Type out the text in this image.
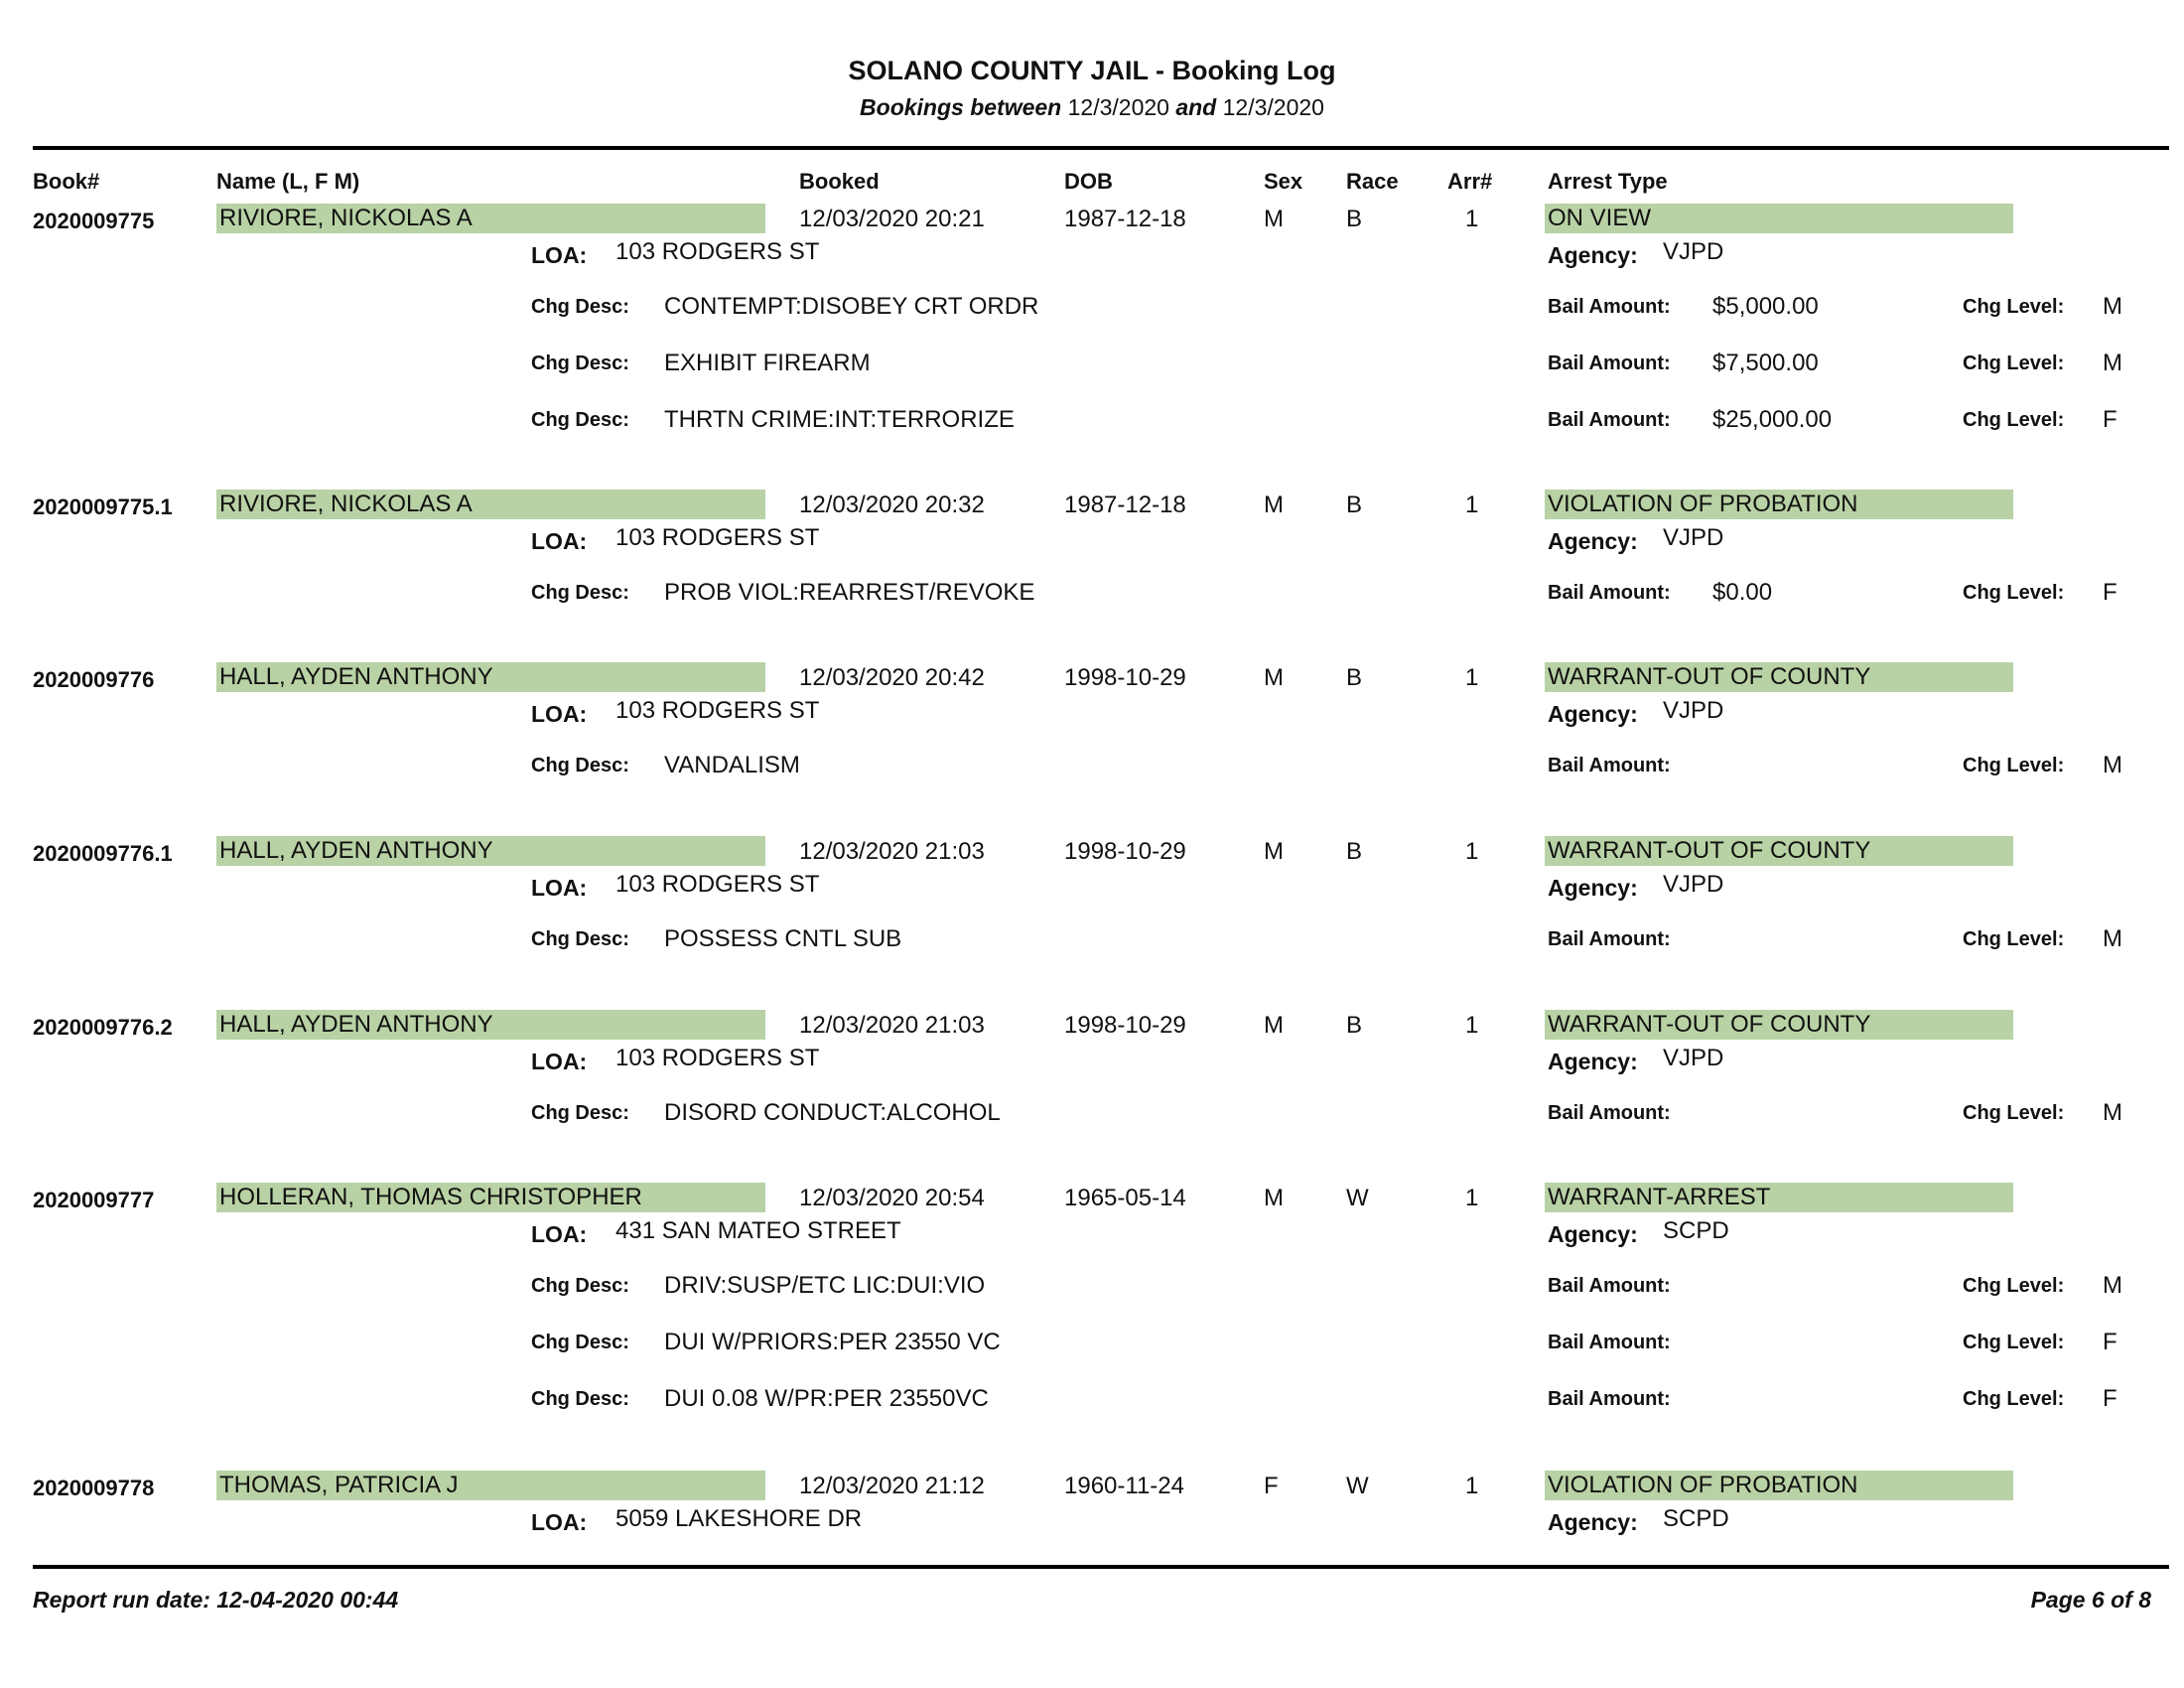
SOLANO COUNTY JAIL - Booking Log
Bookings between 12/3/2020 and 12/3/2020
Book#	Name (L, F M)	Booked	DOB	Sex Race Arr#	Arrest Type
2020009775	RIVIORE, NICKOLAS A	12/03/2020 20:21	1987-12-18	M	B	1	ON VIEW
LOA: 103 RODGERS ST	Agency: VJPD
Chg Desc: CONTEMPT:DISOBEY CRT ORDR	Bail Amount: $5,000.00	Chg Level: M
Chg Desc: EXHIBIT FIREARM	Bail Amount: $7,500.00	Chg Level: M
Chg Desc: THRTN CRIME:INT:TERRORIZE	Bail Amount: $25,000.00	Chg Level: F
2020009775.1 RIVIORE, NICKOLAS A	12/03/2020 20:32	1987-12-18	M	B	1	VIOLATION OF PROBATION
LOA: 103 RODGERS ST	Agency: VJPD
Chg Desc: PROB VIOL:REARREST/REVOKE	Bail Amount: $0.00	Chg Level: F
2020009776	HALL, AYDEN ANTHONY	12/03/2020 20:42	1998-10-29	M	B	1	WARRANT-OUT OF COUNTY
LOA: 103 RODGERS ST	Agency: VJPD
Chg Desc: VANDALISM	Bail Amount:	Chg Level: M
2020009776.1 HALL, AYDEN ANTHONY	12/03/2020 21:03	1998-10-29	M	B	1	WARRANT-OUT OF COUNTY
LOA: 103 RODGERS ST	Agency: VJPD
Chg Desc: POSSESS CNTL SUB	Bail Amount:	Chg Level: M
2020009776.2 HALL, AYDEN ANTHONY	12/03/2020 21:03	1998-10-29	M	B	1	WARRANT-OUT OF COUNTY
LOA: 103 RODGERS ST	Agency: VJPD
Chg Desc: DISORD CONDUCT:ALCOHOL	Bail Amount:	Chg Level: M
2020009777	HOLLERAN, THOMAS CHRISTOPHER	12/03/2020 20:54	1965-05-14	M	W	1	WARRANT-ARREST
LOA: 431 SAN MATEO STREET	Agency: SCPD
Chg Desc: DRIV:SUSP/ETC LIC:DUI:VIO	Bail Amount:	Chg Level: M
Chg Desc: DUI W/PRIORS:PER 23550 VC	Bail Amount:	Chg Level: F
Chg Desc: DUI 0.08 W/PR:PER 23550VC	Bail Amount:	Chg Level: F
2020009778	THOMAS, PATRICIA J	12/03/2020 21:12	1960-11-24	F	W	1	VIOLATION OF PROBATION
LOA: 5059 LAKESHORE DR	Agency: SCPD
Report run date: 12-04-2020 00:44	Page 6 of 8
